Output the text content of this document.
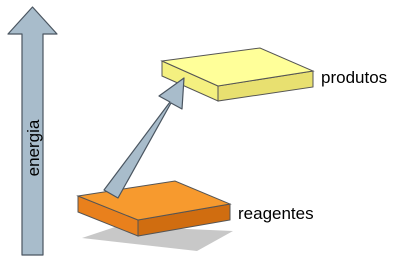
energia
reagentes
produtos
